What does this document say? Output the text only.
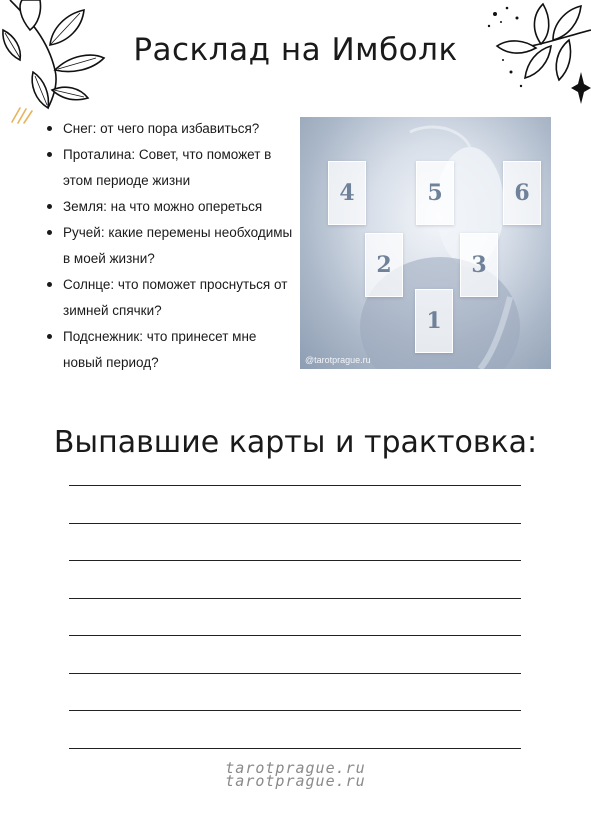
Расклад на Имболк
Снег: от чего пора избавиться?
Проталина: Совет, что поможет в этом периоде жизни
Земля: на что можно опереться
Ручей: какие перемены необходимы в моей жизни?
Солнце: что поможет проснуться от зимней спячки?
Подснежник: что принесет мне новый период?
4	5	6
2	3
1
@tarotprague.ru
Выпавшие карты и трактовка:
tarotprague.ru
tarotprague.ru
